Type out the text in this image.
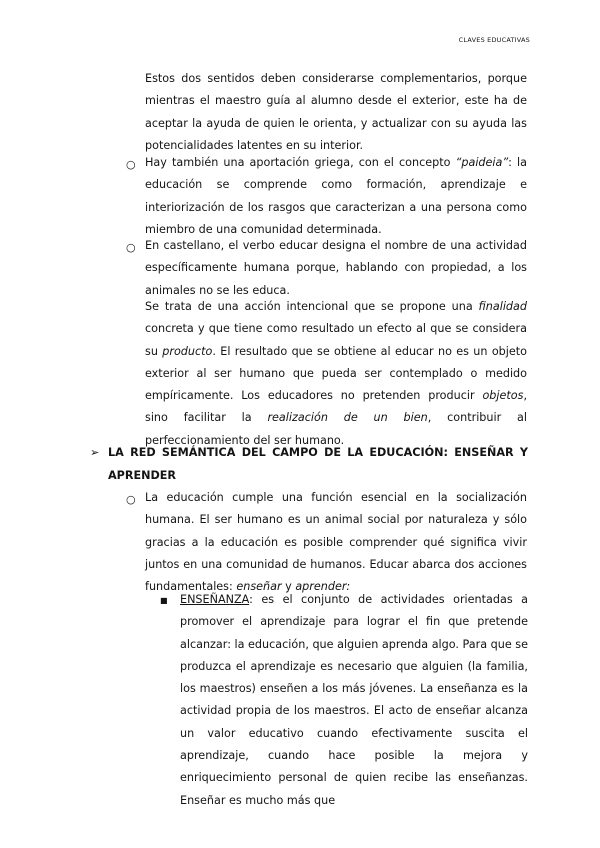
CLAVES EDUCATIVAS

Estos dos sentidos deben considerarse complementarios, porque mientras el maestro guía al alumno desde el exterior, este ha de aceptar la ayuda de quien le orienta, y actualizar con su ayuda las potencialidades latentes en su interior.

○ Hay también una aportación griega, con el concepto “paideia”: la educación se comprende como formación, aprendizaje e interiorización de los rasgos que caracterizan a una persona como miembro de una comunidad determinada.

○ En castellano, el verbo educar designa el nombre de una actividad específicamente humana porque, hablando con propiedad, a los animales no se les educa.

Se trata de una acción intencional que se propone una finalidad concreta y que tiene como resultado un efecto al que se considera su producto. El resultado que se obtiene al educar no es un objeto exterior al ser humano que pueda ser contemplado o medido empíricamente. Los educadores no pretenden producir objetos, sino facilitar la realización de un bien, contribuir al perfeccionamiento del ser humano.

➢ LA RED SEMÁNTICA DEL CAMPO DE LA EDUCACIÓN: ENSEÑAR Y
APRENDER
○ La educación cumple una función esencial en la socialización humana. El ser humano es un animal social por naturaleza y sólo gracias a la educación es posible comprender qué significa vivir juntos en una comunidad de humanos. Educar abarca dos acciones fundamentales: enseñar y aprender:

■ ENSEÑANZA: es el conjunto de actividades orientadas a promover el aprendizaje para lograr el fin que pretende alcanzar: la educación, que alguien aprenda algo. Para que se produzca el aprendizaje es necesario que alguien (la familia, los maestros) enseñen a los más jóvenes. La enseñanza es la actividad propia de los maestros. El acto de enseñar alcanza un valor educativo cuando efectivamente suscita el aprendizaje, cuando hace posible la mejora y enriquecimiento personal de quien recibe las enseñanzas. Enseñar es mucho más que
